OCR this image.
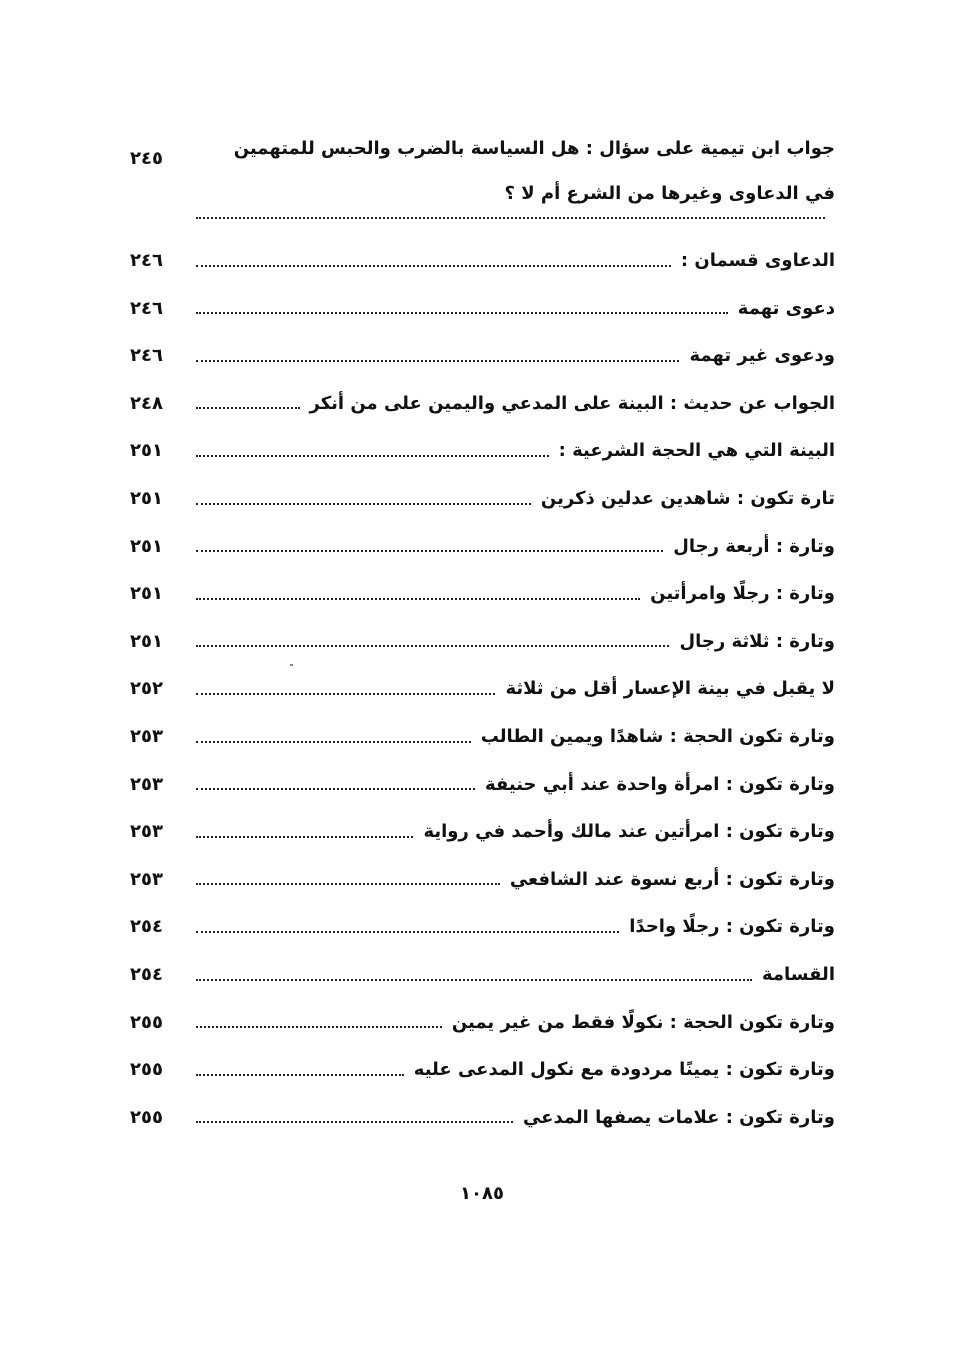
جواب ابن تيمية على سؤال : هل السياسة بالضرب والحبس للمتهمين في الدعاوى وغيرها من الشرع أم لا ؟
٢٤٥
الدعاوى قسمان :
٢٤٦
دعوى تهمة
٢٤٦
ودعوى غير تهمة
٢٤٦
الجواب عن حديث : البينة على المدعي واليمين على من أنكر
٢٤٨
البينة التي هي الحجة الشرعية :
٢٥١
تارة تكون : شاهدين عدلين ذكرين
٢٥١
وتارة : أربعة رجال
٢٥١
وتارة : رجلًا وامرأتين
٢٥١
وتارة : ثلاثة رجال
٢٥١
لا يقبل في بينة الإعسار أقل من ثلاثة
٢٥٢
وتارة تكون الحجة : شاهدًا ويمين الطالب
٢٥٣
وتارة تكون : امرأة واحدة عند أبي حنيفة
٢٥٣
وتارة تكون : امرأتين عند مالك وأحمد في رواية
٢٥٣
وتارة تكون : أربع نسوة عند الشافعي
٢٥٣
وتارة تكون : رجلًا واحدًا
٢٥٤
القسامة
٢٥٤
وتارة تكون الحجة : نكولًا فقط من غير يمين
٢٥٥
وتارة تكون : يمينًا مردودة مع نكول المدعى عليه
٢٥٥
وتارة تكون : علامات يصفها المدعي
٢٥٥
١٠٨٥
